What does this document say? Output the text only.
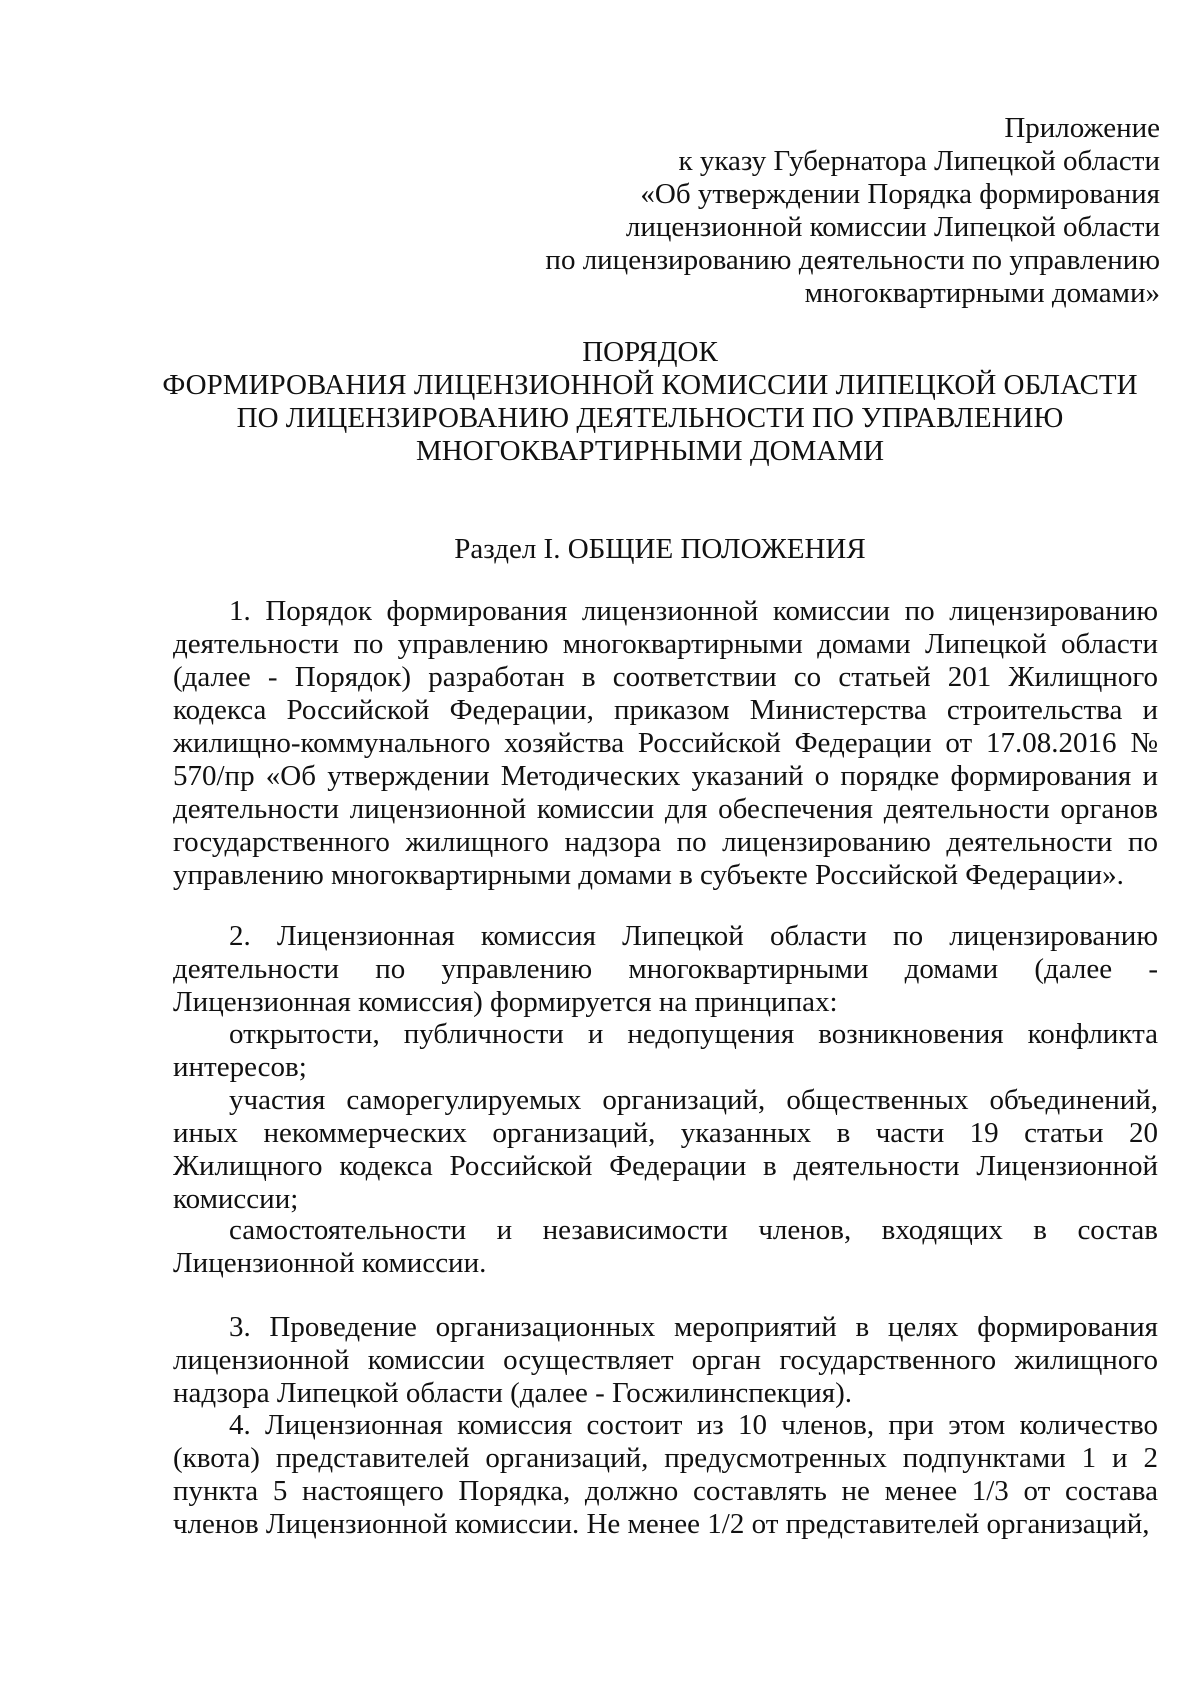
Приложение
к указу Губернатора Липецкой области
«Об утверждении Порядка формирования
лицензионной комиссии Липецкой области
по лицензированию деятельности по управлению
многоквартирными домами»
ПОРЯДОК
ФОРМИРОВАНИЯ ЛИЦЕНЗИОННОЙ КОМИССИИ ЛИПЕЦКОЙ ОБЛАСТИ
ПО ЛИЦЕНЗИРОВАНИЮ ДЕЯТЕЛЬНОСТИ ПО УПРАВЛЕНИЮ
МНОГОКВАРТИРНЫМИ ДОМАМИ
Раздел I. ОБЩИЕ ПОЛОЖЕНИЯ

1. Порядок формирования лицензионной комиссии по лицензированию деятельности по управлению многоквартирными домами Липецкой области (далее - Порядок) разработан в соответствии со статьей 201 Жилищного кодекса Российской Федерации, приказом Министерства строительства и жилищно-коммунального хозяйства Российской Федерации от 17.08.2016 № 570/пр «Об утверждении Методических указаний о порядке формирования и деятельности лицензионной комиссии для обеспечения деятельности органов государственного жилищного надзора по лицензированию деятельности по управлению многоквартирными домами в субъекте Российской Федерации».

2. Лицензионная комиссия Липецкой области по лицензированию деятельности по управлению многоквартирными домами (далее - Лицензионная комиссия) формируется на принципах:

открытости, публичности и недопущения возникновения конфликта интересов;

участия саморегулируемых организаций, общественных объединений, иных некоммерческих организаций, указанных в части 19 статьи 20 Жилищного кодекса Российской Федерации в деятельности Лицензионной комиссии;

самостоятельности и независимости членов, входящих в состав Лицензионной комиссии.

3. Проведение организационных мероприятий в целях формирования лицензионной комиссии осуществляет орган государственного жилищного надзора Липецкой области (далее - Госжилинспекция).

4. Лицензионная комиссия состоит из 10 членов, при этом количество (квота) представителей организаций, предусмотренных подпунктами 1 и 2 пункта 5 настоящего Порядка, должно составлять не менее 1/3 от состава членов Лицензионной комиссии. Не менее 1/2 от представителей организаций,
